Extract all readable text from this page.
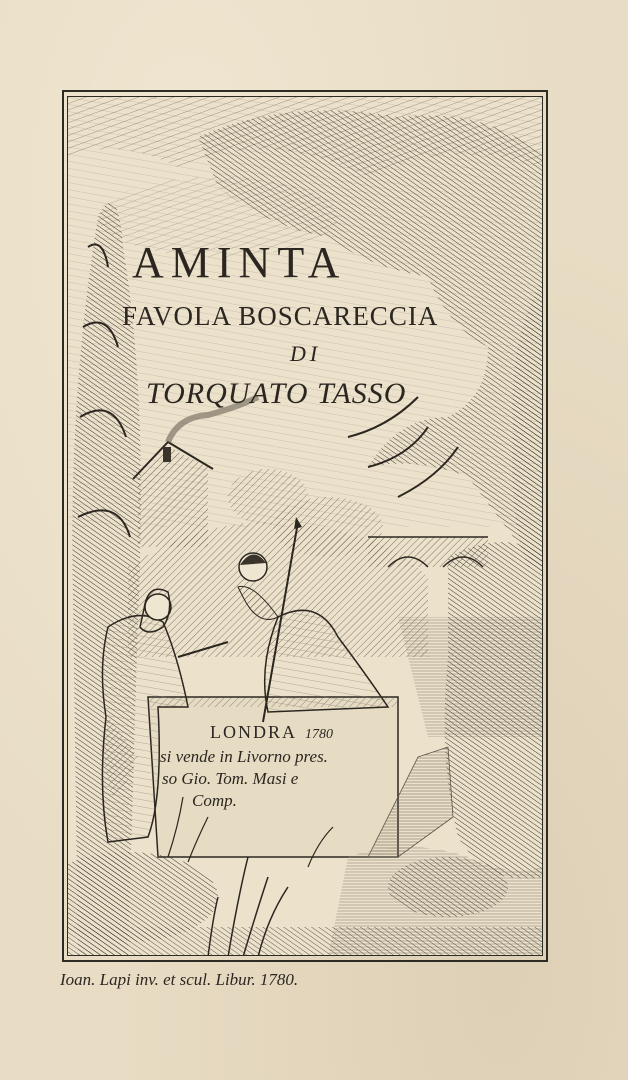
AMINTA
FAVOLA BOSCARECCIA
DI
TORQUATO TASSO
LONDRA 1780
si vende in Livorno pres.
so Gio. Tom. Masi e
Comp.
Ioan. Lapi inv. et scul. Libur. 1780.
